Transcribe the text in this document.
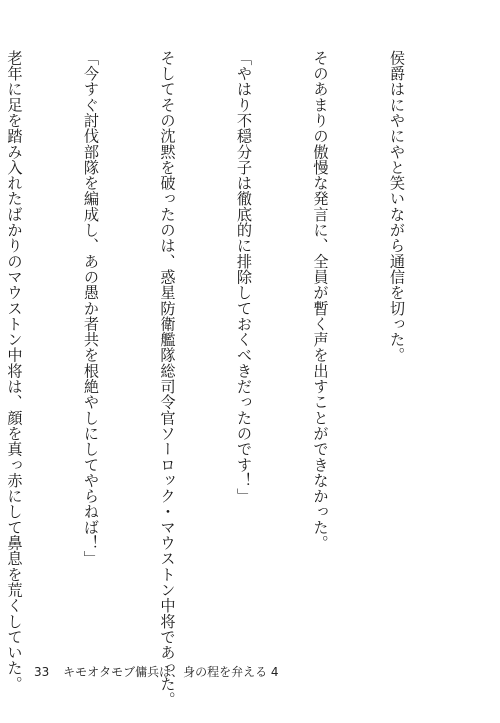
侯爵はにやにやと笑いながら通信を切った。

そのあまりの傲慢な発言に、全員が暫く声を出すことができなかった。

「やはり不穏分子は徹底的に排除しておくべきだったのです！」

そしてその沈黙を破ったのは、惑星防衛艦隊総司令官ソーロック・マウストン中将であった。

「今すぐ討伐部隊を編成し、あの愚か者共を根絶やしにしてやらねば！」

老年に足を踏み入れたばかりのマウストン中将は、顔を真っ赤にして鼻息を荒くしていた。

33 キモオタモブ傭兵は、身の程を弁える 4
